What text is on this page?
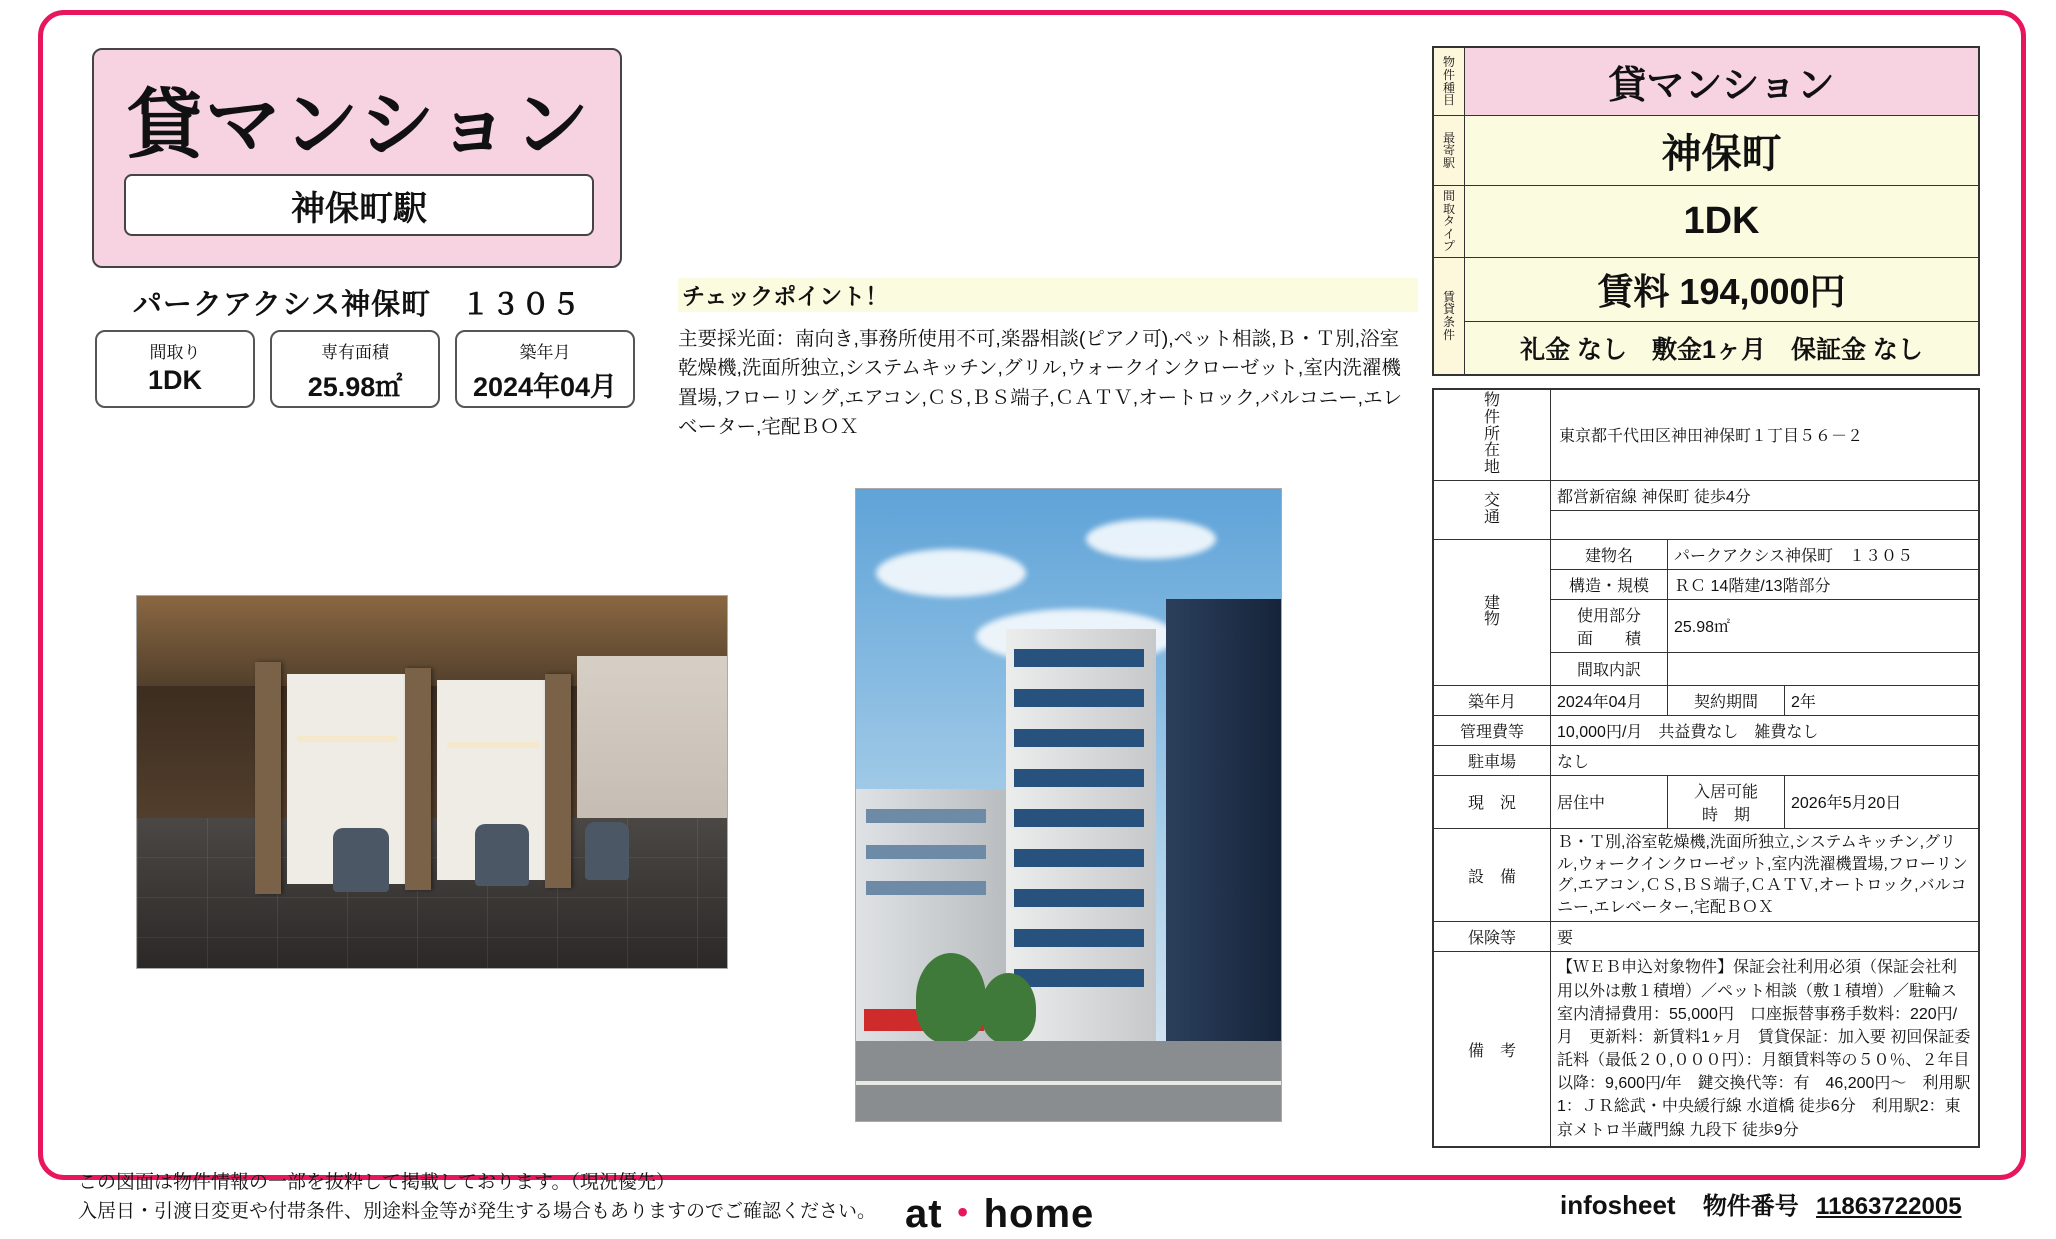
貸マンション
神保町駅
パークアクシス神保町　１３０５
間取り
1DK
専有面積
25.98㎡
築年月
2024年04月
チェックポイント！
主要採光面：南向き,事務所使用不可,楽器相談(ピアノ可),ペット相談,Ｂ・Ｔ別,浴室乾燥機,洗面所独立,システムキッチン,グリル,ウォークインクローゼット,室内洗濯機置場,フローリング,エアコン,ＣＳ,ＢＳ端子,ＣＡＴＶ,オートロック,バルコニー,エレベーター,宅配ＢＯＸ
物
件
種
目	貸マンション

最
寄
駅	神保町

間
取
タ
イ
プ	1DK

賃
貸
条
件	賃料 194,000円
	礼金 なし　敷金1ヶ月　保証金 なし
物
件
所
在
地	東京都千代田区神田神保町１丁目５６－２		

交
通	都営新宿線 神保町 徒歩4分		

建
物	建物名	パークアクシス神保町　１３０５	
	構造・規模	ＲＣ 14階建/13階部分	
	使用部分
面　　積	25.98㎡	
	間取内訳		
築年月	2024年04月	契約期間	2年
管理費等	10,000円/月　共益費なし　雑費なし		
駐車場	なし		
現　況	居住中	入居可能
時　期	2026年5月20日
設　備	Ｂ・Ｔ別,浴室乾燥機,洗面所独立,システムキッチン,グリル,ウォークインクローゼット,室内洗濯機置場,フローリング,エアコン,ＣＳ,ＢＳ端子,ＣＡＴＶ,オートロック,バルコニー,エレベーター,宅配ＢＯＸ		
保険等	要		
備　考	【ＷＥＢ申込対象物件】保証会社利用必須（保証会社利用以外は敷１積増）／ペット相談（敷１積増）／駐輪ス　室内清掃費用：55,000円　口座振替事務手数料：220円/月　更新料：新賃料1ヶ月　賃貸保証：加入要 初回保証委託料（最低２０,０００円）：月額賃料等の５０％、２年目以降：9,600円/年　鍵交換代等：有　46,200円～　利用駅1：ＪＲ総武・中央緩行線 水道橋 徒歩6分　利用駅2：東京メトロ半蔵門線 九段下 徒歩9分		
この図面は物件情報の一部を抜粋して掲載しております。（現況優先）
入居日・引渡日変更や付帯条件、別途料金等が発生する場合もありますのでご確認ください。 at・home	infosheet 物件番号 11863722005
